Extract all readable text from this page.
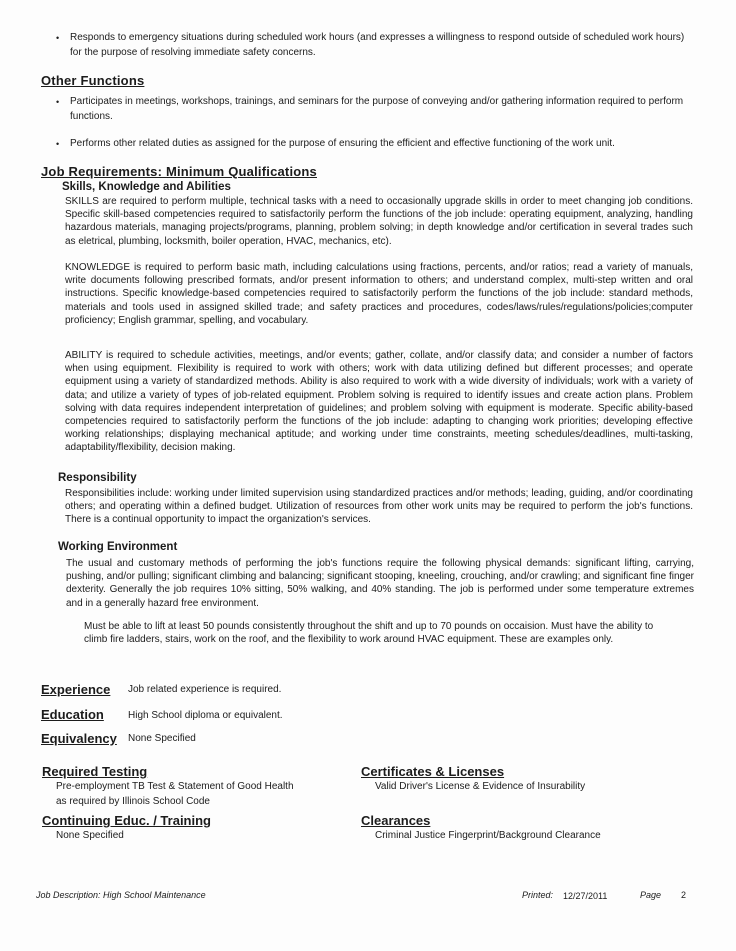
•	Responds to emergency situations during scheduled work hours (and expresses a willingness to respond outside of scheduled work hours) for the purpose of resolving immediate safety concerns.
Other Functions
•	Participates in meetings, workshops, trainings, and seminars for the purpose of conveying and/or gathering information required to perform functions.
•	Performs other related duties as assigned for the purpose of ensuring the efficient and effective functioning of the work unit.
Job Requirements: Minimum Qualifications
Skills, Knowledge and Abilities
SKILLS are required to perform multiple, technical tasks with a need to occasionally upgrade skills in order to meet changing job conditions. Specific skill-based competencies required to satisfactorily perform the functions of the job include: operating equipment, analyzing, handling hazardous materials, managing projects/programs, planning, problem solving; in depth knowledge and/or certification in several trades such as eletrical, plumbing, locksmith, boiler operation, HVAC, mechanics, etc).
KNOWLEDGE is required to perform basic math, including calculations using fractions, percents, and/or ratios; read a variety of manuals, write documents following prescribed formats, and/or present information to others; and understand complex, multi-step written and oral instructions. Specific knowledge-based competencies required to satisfactorily perform the functions of the job include: standard methods, materials and tools used in assigned skilled trade; and safety practices and procedures, codes/laws/rules/regulations/policies;computer proficiency; English grammar, spelling, and vocabulary.
ABILITY is required to schedule activities, meetings, and/or events; gather, collate, and/or classify data; and consider a number of factors when using equipment. Flexibility is required to work with others; work with data utilizing defined but different processes; and operate equipment using a variety of standardized methods. Ability is also required to work with a wide diversity of individuals; work with a variety of data; and utilize a variety of types of job-related equipment. Problem solving is required to identify issues and create action plans. Problem solving with data requires independent interpretation of guidelines; and problem solving with equipment is moderate. Specific ability-based competencies required to satisfactorily perform the functions of the job include: adapting to changing work priorities; developing effective working relationships; displaying mechanical aptitude; and working under time constraints, meeting schedules/deadlines, multi-tasking, adaptability/flexibility, decision making.
Responsibility
Responsibilities include: working under limited supervision using standardized practices and/or methods; leading, guiding, and/or coordinating others; and operating within a defined budget. Utilization of resources from other work units may be required to perform the job's functions. There is a continual opportunity to impact the organization's services.
Working Environment
The usual and customary methods of performing the job's functions require the following physical demands: significant lifting, carrying, pushing, and/or pulling; significant climbing and balancing; significant stooping, kneeling, crouching, and/or crawling; and significant fine finger dexterity. Generally the job requires 10% sitting, 50% walking, and 40% standing. The job is performed under some temperature extremes and in a generally hazard free environment.
Must be able to lift at least 50 pounds consistently throughout the shift and up to 70 pounds on occaision. Must have the ability to climb fire ladders, stairs, work on the roof, and the flexibility to work around HVAC equipment. These are examples only.
Experience Job related experience is required.
Education High School diploma or equivalent.
Equivalency None Specified
Required Testing
Pre-employment TB Test & Statement of Good Health
as required by Illinois School Code
Certificates & Licenses
Valid Driver's License & Evidence of Insurability
Continuing Educ. / Training
None Specified
Clearances
Criminal Justice Fingerprint/Background Clearance
Job Description: High School Maintenance	Printed: 12/27/2011	Page 2
